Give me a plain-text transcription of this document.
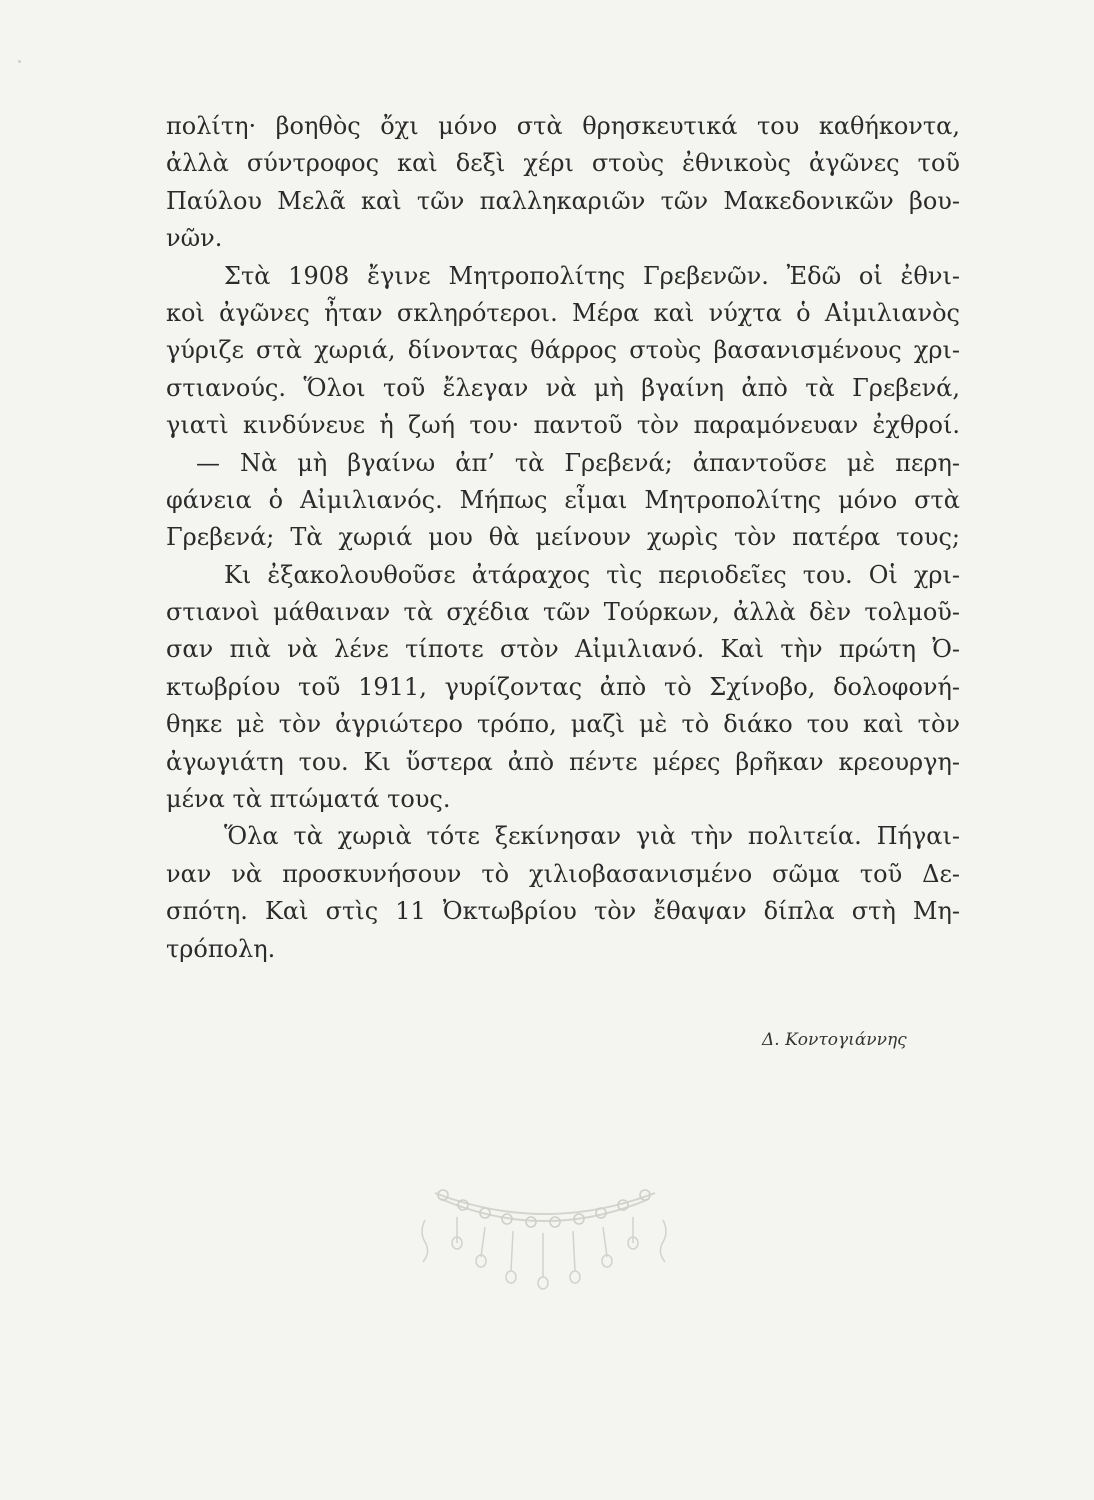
πολίτη· βοηθὸς ὄχι μόνο στὰ θρησκευτικά του καθήκοντα,
ἀλλὰ σύντροφος καὶ δεξὶ χέρι στοὺς ἐθνικοὺς ἀγῶνες τοῦ
Παύλου Μελᾶ καὶ τῶν παλληκαριῶν τῶν Μακεδονικῶν βου-
νῶν.
Στὰ 1908 ἔγινε Μητροπολίτης Γρεβενῶν. Ἐδῶ οἱ ἐθνι-
κοὶ ἀγῶνες ἦταν σκληρότεροι. Μέρα καὶ νύχτα ὁ Αἰμιλιανὸς
γύριζε στὰ χωριά, δίνοντας θάρρος στοὺς βασανισμένους χρι-
στιανούς. Ὅλοι τοῦ ἔλεγαν νὰ μὴ βγαίνη ἀπὸ τὰ Γρεβενά,
γιατὶ κινδύνευε ἡ ζωή του· παντοῦ τὸν παραμόνευαν ἐχθροί.
— Νὰ μὴ βγαίνω ἀπ’ τὰ Γρεβενά; ἀπαντοῦσε μὲ περη-
φάνεια ὁ Αἰμιλιανός. Μήπως εἶμαι Μητροπολίτης μόνο στὰ
Γρεβενά; Τὰ χωριά μου θὰ μείνουν χωρὶς τὸν πατέρα τους;
Κι ἐξακολουθοῦσε ἀτάραχος τὶς περιοδεῖες του. Οἱ χρι-
στιανοὶ μάθαιναν τὰ σχέδια τῶν Τούρκων, ἀλλὰ δὲν τολμοῦ-
σαν πιὰ νὰ λένε τίποτε στὸν Αἰμιλιανό. Καὶ τὴν πρώτη Ὀ-
κτωβρίου τοῦ 1911, γυρίζοντας ἀπὸ τὸ Σχίνοβο, δολοφονή-
θηκε μὲ τὸν ἀγριώτερο τρόπο, μαζὶ μὲ τὸ διάκο του καὶ τὸν
ἀγωγιάτη του. Κι ὕστερα ἀπὸ πέντε μέρες βρῆκαν κρεουργη-
μένα τὰ πτώματά τους.
Ὅλα τὰ χωριὰ τότε ξεκίνησαν γιὰ τὴν πολιτεία. Πήγαι-
ναν νὰ προσκυνήσουν τὸ χιλιοβασανισμένο σῶμα τοῦ Δε-
σπότη. Καὶ στὶς 11 Ὀκτωβρίου τὸν ἔθαψαν δίπλα στὴ Μη-
τρόπολη.
Δ. Κοντογιάννης
